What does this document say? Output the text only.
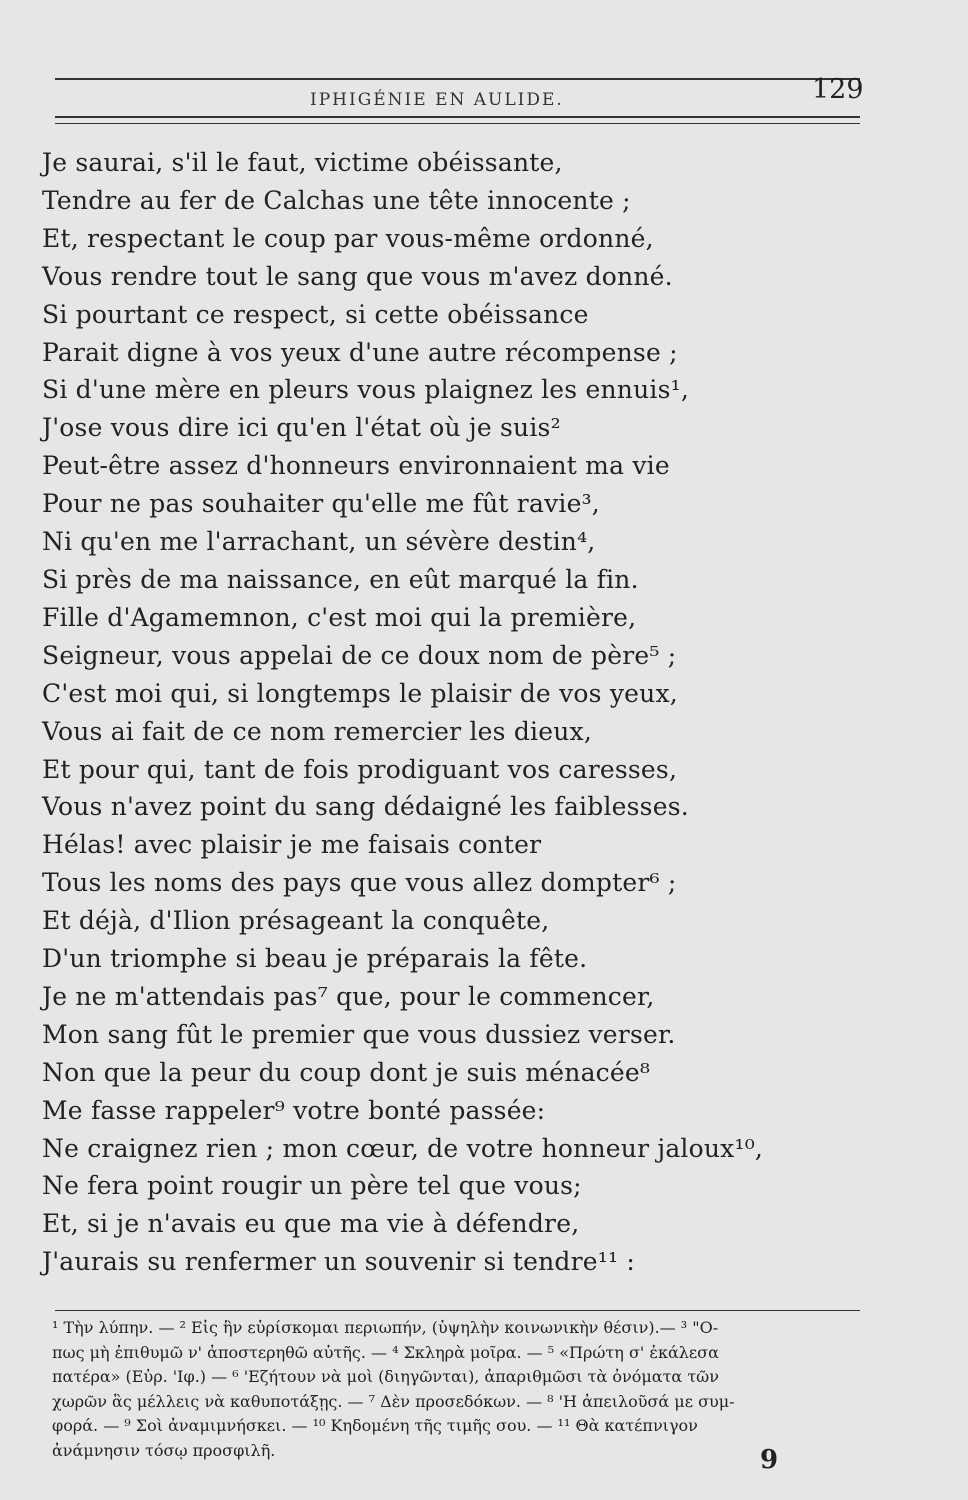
IPHIGÉNIE EN AULIDE.	129
Je saurai, s'il le faut, victime obéissante,
Tendre au fer de Calchas une tête innocente ;
Et, respectant le coup par vous-même ordonné,
Vous rendre tout le sang que vous m'avez donné.
Si pourtant ce respect, si cette obéissance
Parait digne à vos yeux d'une autre récompense ;
Si d'une mère en pleurs vous plaignez les ennuis¹,
J'ose vous dire ici qu'en l'état où je suis²
Peut-être assez d'honneurs environnaient ma vie
Pour ne pas souhaiter qu'elle me fût ravie³,
Ni qu'en me l'arrachant, un sévère destin⁴,
Si près de ma naissance, en eût marqué la fin.
Fille d'Agamemnon, c'est moi qui la première,
Seigneur, vous appelai de ce doux nom de père⁵ ;
C'est moi qui, si longtemps le plaisir de vos yeux,
Vous ai fait de ce nom remercier les dieux,
Et pour qui, tant de fois prodiguant vos caresses,
Vous n'avez point du sang dédaigné les faiblesses.
Hélas! avec plaisir je me faisais conter
Tous les noms des pays que vous allez dompter⁶ ;
Et déjà, d'Ilion présageant la conquête,
D'un triomphe si beau je préparais la fête.
Je ne m'attendais pas⁷ que, pour le commencer,
Mon sang fût le premier que vous dussiez verser.
Non que la peur du coup dont je suis ménacée⁸
Me fasse rappeler⁹ votre bonté passée:
Ne craignez rien ; mon cœur, de votre honneur jaloux¹⁰,
Ne fera point rougir un père tel que vous;
Et, si je n'avais eu que ma vie à défendre,
J'aurais su renfermer un souvenir si tendre¹¹ :
¹ Τὴν λύπην. — ² Εἰς ἣν εὑρίσκομαι περιωπήν, (ὑψηλὴν κοινωνικὴν θέσιν).— ³ "Ο-
πως μὴ ἐπιθυμῶ ν' ἀποστερηθῶ αὐτῆς. — ⁴ Σκληρὰ μοῖρα. — ⁵ «Πρώτη σ' ἐκάλεσα
πατέρα» (Εὐρ. 'Ιφ.) — ⁶ 'Εζήτουν νὰ μοὶ (διηγῶνται), ἀπαριθμῶσι τὰ ὀνόματα τῶν
χωρῶν ἃς μέλλεις νὰ καθυποτάξῃς. — ⁷ Δὲν προσεδόκων. — ⁸ 'Η ἀπειλοῦσά με συμ-
φορά. — ⁹ Σοὶ ἀναμιμνήσκει. — ¹⁰ Κηδομένη τῆς τιμῆς σου. — ¹¹ Θὰ κατέπνιγον
ἀνάμνησιν τόσῳ προσφιλῆ.	9
